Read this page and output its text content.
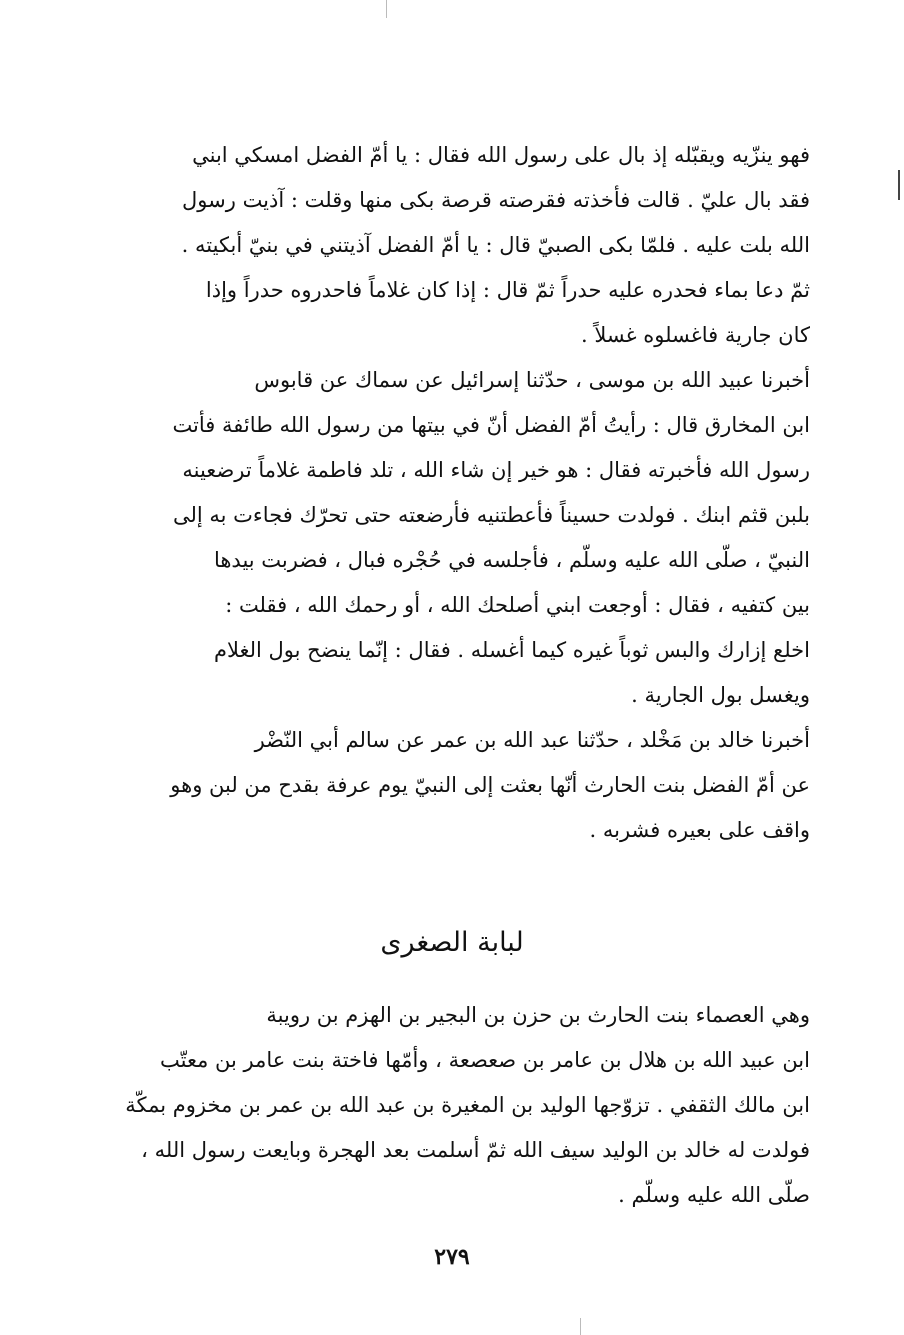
فهو ينزّيه ويقبّله إذ بال على رسول الله فقال : يا أمّ الفضل امسكي ابني
فقد بال عليّ . قالت فأخذته فقرصته قرصة بكى منها وقلت : آذيت رسول
الله بلت عليه . فلمّا بكى الصبيّ قال : يا أمّ الفضل آذيتني في بنيّ أبكيته .
ثمّ دعا بماء فحدره عليه حدراً ثمّ قال : إذا كان غلاماً فاحدروه حدراً وإذا
كان جارية فاغسلوه غسلاً .
أخبرنا عبيد الله بن موسى ، حدّثنا إسرائيل عن سماك عن قابوس
ابن المخارق قال : رأيتُ أمّ الفضل أنّ في بيتها من رسول الله طائفة فأتت
رسول الله فأخبرته فقال : هو خير إن شاء الله ، تلد فاطمة غلاماً ترضعينه
بلبن قثم ابنك . فولدت حسيناً فأعطتنيه فأرضعته حتى تحرّك فجاءت به إلى
النبيّ ، صلّى الله عليه وسلّم ، فأجلسه في حُجْره فبال ، فضربت بيدها
بين كتفيه ، فقال : أوجعت ابني أصلحك الله ، أو رحمك الله ، فقلت :
اخلع إزارك والبس ثوباً غيره كيما أغسله . فقال : إنّما ينضح بول الغلام
ويغسل بول الجارية .
أخبرنا خالد بن مَخْلد ، حدّثنا عبد الله بن عمر عن سالم أبي النّضْر
عن أمّ الفضل بنت الحارث أنّها بعثت إلى النبيّ يوم عرفة بقدح من لبن وهو
واقف على بعيره فشربه .
لبابة الصغرى
وهي العصماء بنت الحارث بن حزن بن البجير بن الهزم بن رويبة
ابن عبيد الله بن هلال بن عامر بن صعصعة ، وأمّها فاختة بنت عامر بن معتّب
ابن مالك الثقفي . تزوّجها الوليد بن المغيرة بن عبد الله بن عمر بن مخزوم بمكّة
فولدت له خالد بن الوليد سيف الله ثمّ أسلمت بعد الهجرة وبايعت رسول الله ،
صلّى الله عليه وسلّم .
٢٧٩
